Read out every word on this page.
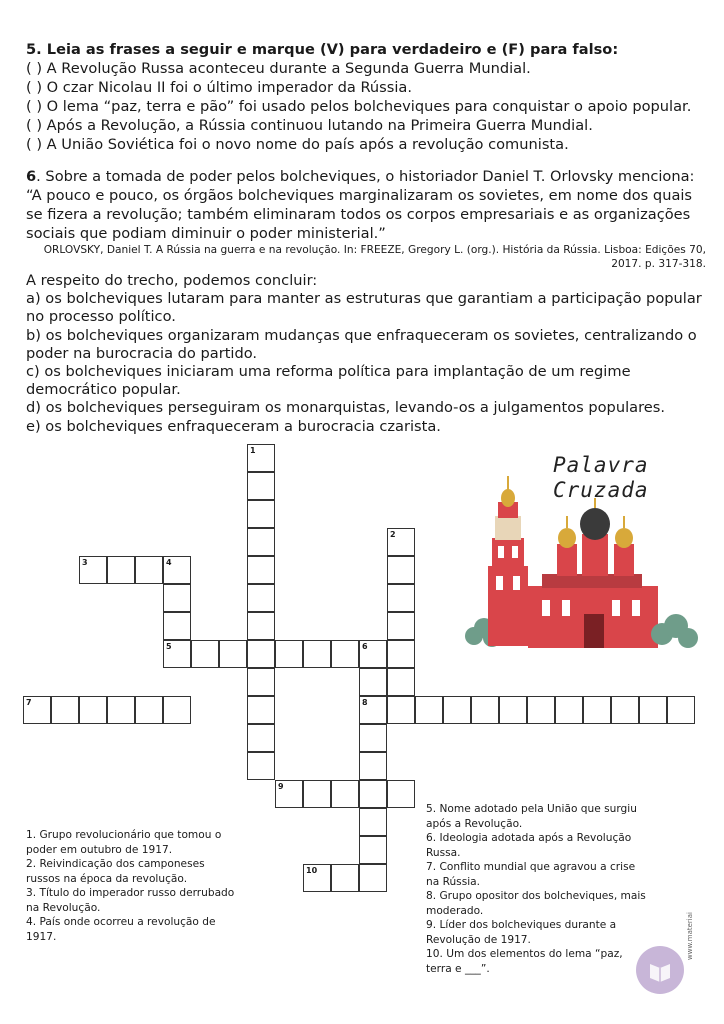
5. Leia as frases a seguir e marque (V) para verdadeiro e (F) para falso:
( ) A Revolução Russa aconteceu durante a Segunda Guerra Mundial.
( ) O czar Nicolau II foi o último imperador da Rússia.
( ) O lema “paz, terra e pão” foi usado pelos bolcheviques para conquistar o apoio popular.
( ) Após a Revolução, a Rússia continuou lutando na Primeira Guerra Mundial.
( ) A União Soviética foi o novo nome do país após a revolução comunista.
6. Sobre a tomada de poder pelos bolcheviques, o historiador Daniel T. Orlovsky menciona:
“A pouco e pouco, os órgãos bolcheviques marginalizaram os sovietes, em nome dos quais se fizera a revolução; também eliminaram todos os corpos empresariais e as organizações sociais que podiam diminuir o poder ministerial.”
ORLOVSKY, Daniel T. A Rússia na guerra e na revolução. In: FREEZE, Gregory L. (org.). História da Rússia. Lisboa: Edições 70, 2017. p. 317-318.
A respeito do trecho, podemos concluir:
a) os bolcheviques lutaram para manter as estruturas que garantiam a participação popular no processo político.
b) os bolcheviques organizaram mudanças que enfraqueceram os sovietes, centralizando o poder na burocracia do partido.
c) os bolcheviques iniciaram uma reforma política para implantação de um regime democrático popular.
d) os bolcheviques perseguiram os monarquistas, levando-os a julgamentos populares.
e) os bolcheviques enfraqueceram a burocracia czarista.
1
2
3	4
5	6
8
7
9
10
Palavra
Cruzada

1. Grupo revolucionário que tomou o poder em outubro de 1917.

2. Reivindicação dos camponeses russos na época da revolução.

3. Título do imperador russo derrubado na Revolução.

4. País onde ocorreu a revolução de 1917.

5. Nome adotado pela União que surgiu após a Revolução.

6. Ideologia adotada após a Revolução Russa.

7. Conflito mundial que agravou a crise na Rússia.

8. Grupo opositor dos bolcheviques, mais moderado.

9. Líder dos bolcheviques durante a Revolução de 1917.

10. Um dos elementos do lema “paz, terra e ___”.

www.materiai
